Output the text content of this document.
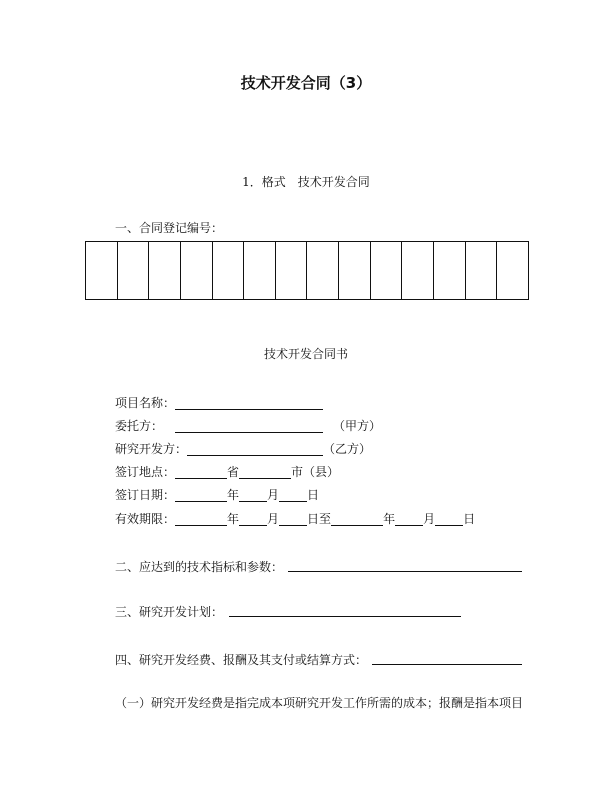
技术开发合同（3）
1．格式　技术开发合同
一、合同登记编号：

技术开发合同书
项目名称：
委托方：	（甲方）
研究开发方：	（乙方）
签订地点：	省	市（县）
签订日期：	年 月 日
有效期限：	年 月 日至	年 月 日
二、应达到的技术指标和参数：
三、研究开发计划：
四、研究开发经费、报酬及其支付或结算方式：
（一）研究开发经费是指完成本项研究开发工作所需的成本；报酬是指本项目
